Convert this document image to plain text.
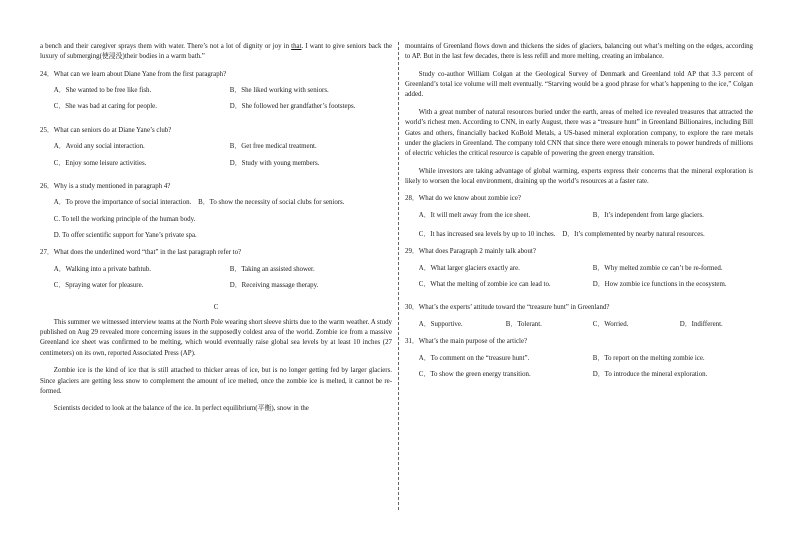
a bench and their caregiver sprays them with water. There’s not a lot of dignity or joy in that. I want to give seniors back the luxury of submerging(使浸没)their bodies in a warm bath.”

24．What can we learn about Diane Yane from the first paragraph?

A．She wanted to be free like fish.	B．She liked working with seniors.
C．She was bad at caring for people.	D．She followed her grandfather’s footsteps.

25．What can seniors do at Diane Yane’s club?

A．Avoid any social interaction.	B．Get free medical treatment.
C．Enjoy some leisure activities.	D．Study with young members.

26．Why is a study mentioned in paragraph 4?

A．To prove the importance of social interaction.　B．To show the necessity of social clubs for seniors.

C. To tell the working principle of the human body.

D. To offer scientific support for Yane’s private spa.

27．What does the underlined word “that” in the last paragraph refer to?

A．Walking into a private bathtub.	B．Taking an assisted shower.
C．Spraying water for pleasure.	D．Receiving massage therapy.
C

This summer we witnessed interview teams at the North Pole wearing short sleeve shirts due to the warm weather. A study published on Aug 29 revealed more concerning issues in the supposedly coldest area of the world. Zombie ice from a massive Greenland ice sheet was confirmed to be melting, which would eventually raise global sea levels by at least 10 inches (27 centimeters) on its own, reported Associated Press (AP).

Zombie ice is the kind of ice that is still attached to thicker areas of ice, but is no longer getting fed by larger glaciers. Since glaciers are getting less snow to complement the amount of ice melted, once the zombie ice is melted, it cannot be re-formed.

Scientists decided to look at the balance of the ice. In perfect equilibrium(平衡), snow in the

mountains of Greenland flows down and thickens the sides of glaciers, balancing out what’s melting on the edges, according to AP. But in the last few decades, there is less refill and more melting, creating an imbalance.

Study co-author William Colgan at the Geological Survey of Denmark and Greenland told AP that 3.3 percent of Greenland’s total ice volume will melt eventually. “Starving would be a good phrase for what’s happening to the ice,” Colgan added.

With a great number of natural resources buried under the earth, areas of melted ice revealed treasures that attracted the world’s richest men. According to CNN, in early August, there was a “treasure hunt” in Greenland Billionaires, including Bill Gates and others, financially backed KoBold Metals, a US-based mineral exploration company, to explore the rare metals under the glaciers in Greenland. The company told CNN that since there were enough minerals to power hundreds of millions of electric vehicles the critical resource is capable of powering the green energy transition.

While investors are taking advantage of global warming, experts express their concerns that the mineral exploration is likely to worsen the local environment, draining up the world’s resources at a faster rate.

28．What do we know about zombie ice?

A．It will melt away from the ice sheet.	B．It’s independent from large glaciers.

C．It has increased sea levels by up to 10 inches.　D．It’s complemented by nearby natural resources.

29．What does Paragraph 2 mainly talk about?

A．What larger glaciers exactly are.	B．Why melted zombie ce can’t be re-formed.
C．What the melting of zombie ice can lead to.	D．How zombie ice functions in the ecosystem.

30．What’s the experts’ attitude toward the “treasure hunt” in Greenland?

A．Supportive.	B．Tolerant.	C．Worried.	D．Indifferent.

31．What’s the main purpose of the article?

A．To comment on the “treasure hunt”.	B．To report on the melting zombie ice.
C．To show the green energy transition.	D．To introduce the mineral exploration.
